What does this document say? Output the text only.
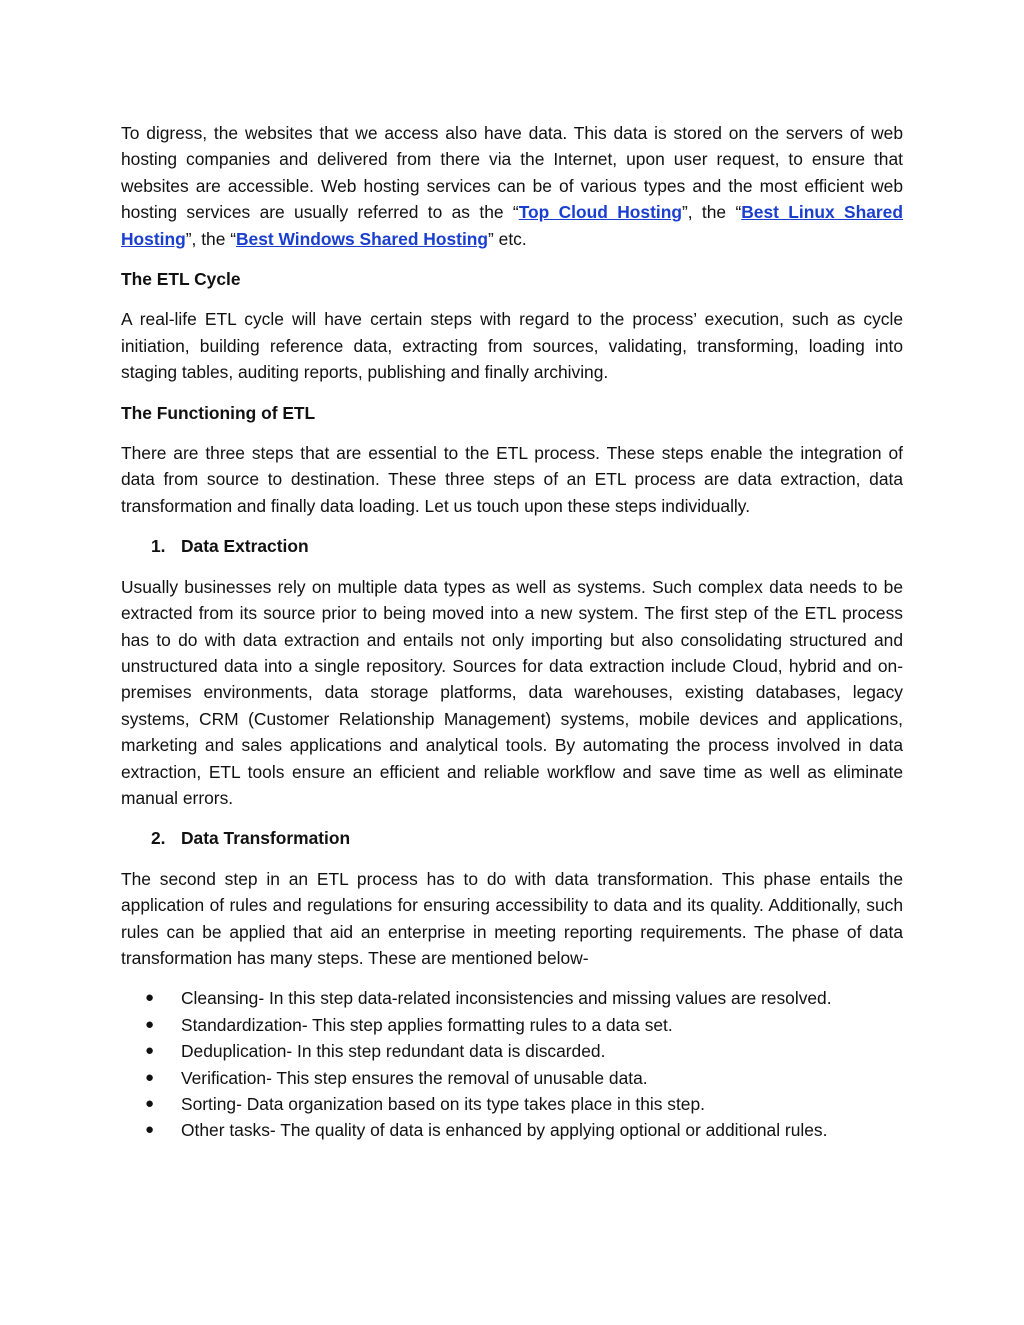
To digress, the websites that we access also have data. This data is stored on the servers of web hosting companies and delivered from there via the Internet, upon user request, to ensure that websites are accessible. Web hosting services can be of various types and the most efficient web hosting services are usually referred to as the “Top Cloud Hosting”, the “Best Linux Shared Hosting”, the “Best Windows Shared Hosting” etc.

The ETL Cycle

A real-life ETL cycle will have certain steps with regard to the process’ execution, such as cycle initiation, building reference data, extracting from sources, validating, transforming, loading into staging tables, auditing reports, publishing and finally archiving.

The Functioning of ETL

There are three steps that are essential to the ETL process. These steps enable the integration of data from source to destination. These three steps of an ETL process are data extraction, data transformation and finally data loading. Let us touch upon these steps individually.

1. Data Extraction

Usually businesses rely on multiple data types as well as systems. Such complex data needs to be extracted from its source prior to being moved into a new system. The first step of the ETL process has to do with data extraction and entails not only importing but also consolidating structured and unstructured data into a single repository. Sources for data extraction include Cloud, hybrid and on-premises environments, data storage platforms, data warehouses, existing databases, legacy systems, CRM (Customer Relationship Management) systems, mobile devices and applications, marketing and sales applications and analytical tools. By automating the process involved in data extraction, ETL tools ensure an efficient and reliable workflow and save time as well as eliminate manual errors.

2. Data Transformation

The second step in an ETL process has to do with data transformation. This phase entails the application of rules and regulations for ensuring accessibility to data and its quality. Additionally, such rules can be applied that aid an enterprise in meeting reporting requirements. The phase of data transformation has many steps. These are mentioned below-

●	Cleansing- In this step data-related inconsistencies and missing values are resolved.
●	Standardization- This step applies formatting rules to a data set.
●	Deduplication- In this step redundant data is discarded.
●	Verification- This step ensures the removal of unusable data.
●	Sorting- Data organization based on its type takes place in this step.
●	Other tasks- The quality of data is enhanced by applying optional or additional rules.
